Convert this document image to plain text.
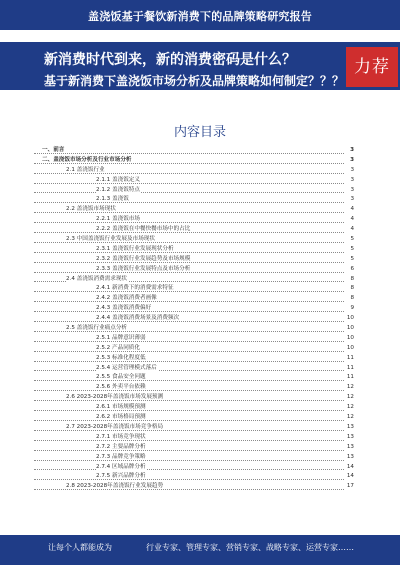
盖浇饭基于餐饮新消费下的品牌策略研究报告
新消费时代到来，新的消费密码是什么？
基于新消费下盖浇饭市场分析及品牌策略如何制定？？？
力荐
内容目录
一、前言	3
二、盖浇饭市场分析及行业市场分析	3
2.1 盖浇饭行业	3
2.1.1 盖浇饭定义	3
2.1.2 盖浇饭特点	3
2.1.3 盖浇饭	3
2.2 盖浇饭市场现状	4
2.2.1 盖浇饭市场	4
2.2.2 盖浇饭在中餐快餐市场中的占比	4
2.3 中国盖浇饭行业发展及市场现状	5
2.3.1 盖浇饭行业发展现状分析	5
2.3.2 盖浇饭行业发展趋势及市场规模	5
2.3.3 盖浇饭行业发展特点及市场分析	6
2.4 盖浇饭消费需求现状	8
2.4.1 新消费下的消费需求特征	8
2.4.2 盖浇饭消费者画像	8
2.4.3 盖浇饭消费偏好	9
2.4.4 盖浇饭消费场景及消费频次	10
2.5 盖浇饭行业痛点分析	10
2.5.1 品牌意识薄弱	10
2.5.2 产品同质化	10
2.5.3 标准化程度低	11
2.5.4 运营管理模式落后	11
2.5.5 食品安全问题	11
2.5.6 外卖平台依赖	12
2.6 2023-2028年盖浇饭市场发展预测	12
2.6.1 市场规模预测	12
2.6.2 市场格局预测	12
2.7 2023-2028年盖浇饭市场竞争格局	13
2.7.1 市场竞争现状	13
2.7.2 主要品牌分析	13
2.7.3 品牌竞争策略	13
2.7.4 区域品牌分析	14
2.7.5 新兴品牌分析	14
2.8 2023-2028年盖浇饭行业发展趋势	17
让每个人都能成为	行业专家、管理专家、营销专家、战略专家、运营专家……
